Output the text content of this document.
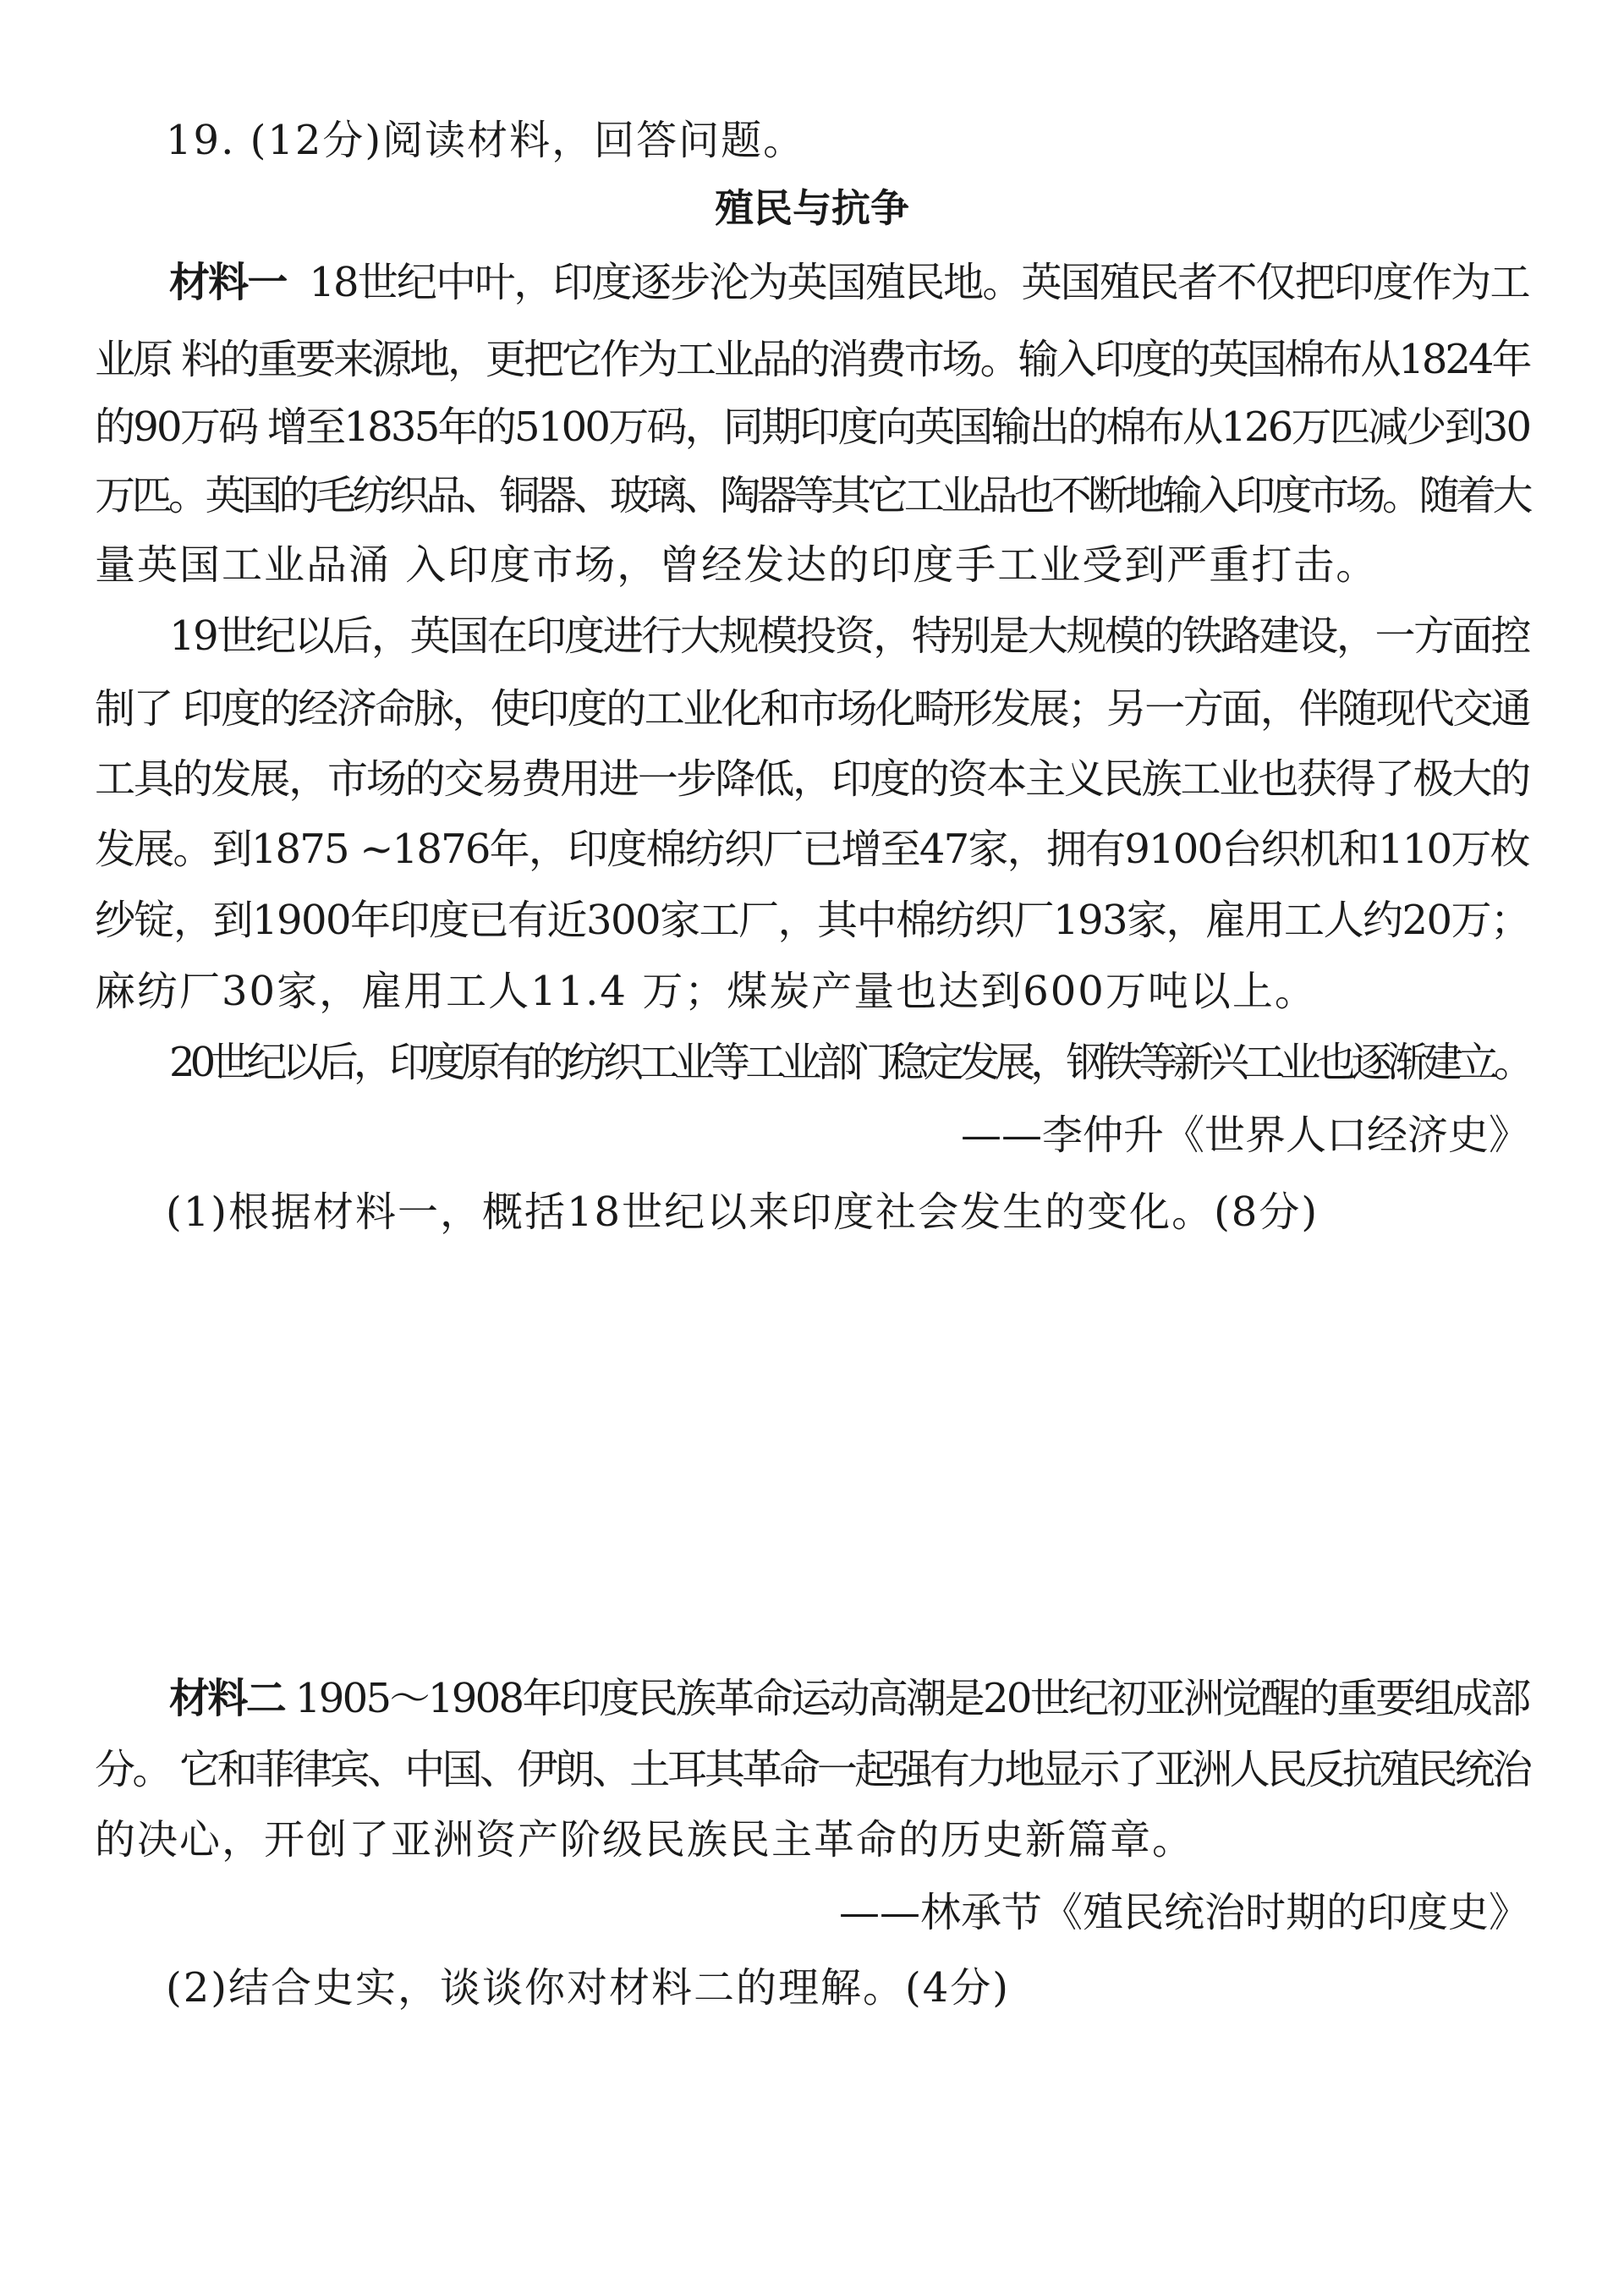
19. (12分)阅读材料，回答问题。
殖民与抗争
材料一 18世纪中叶，印度逐步沦为英国殖民地。英国殖民者不仅把印度作为工
业原 料的重要来源地，更把它作为工业品的消费市场。输入印度的英国棉布从1824年
的90万码 增至1835年的5100万码，同期印度向英国输出的棉布从126万匹减少到30
万匹。英国的毛纺织品、铜器、玻璃、陶器等其它工业品也不断地输入印度市场。随着大
量英国工业品涌 入印度市场，曾经发达的印度手工业受到严重打击。
19世纪以后，英国在印度进行大规模投资，特别是大规模的铁路建设，一方面控
制了 印度的经济命脉，使印度的工业化和市场化畸形发展；另一方面，伴随现代交通
工具的发展，市场的交易费用进一步降低，印度的资本主义民族工业也获得了极大的
发展。到1875 ~1876年，印度棉纺织厂已增至47家，拥有9100台织机和110万枚
纱锭，到1900年印度已有近300家工厂，其中棉纺织厂193家，雇用工人约20万；
麻纺厂30家，雇用工人11.4 万；煤炭产量也达到600万吨以上。
20世纪以后，印度原有的纺织工业等工业部门稳定发展，钢铁等新兴工业也逐渐建立。
——李仲升《世界人口经济史》
(1)根据材料一，概括18世纪以来印度社会发生的变化。(8分)
材料二 1905～1908年印度民族革命运动高潮是20世纪初亚洲觉醒的重要组成部
分。 它和菲律宾、中国、伊朗、土耳其革命一起强有力地显示了亚洲人民反抗殖民统治
的决心，开创了亚洲资产阶级民族民主革命的历史新篇章。
——林承节《殖民统治时期的印度史》
(2)结合史实，谈谈你对材料二的理解。(4分)
